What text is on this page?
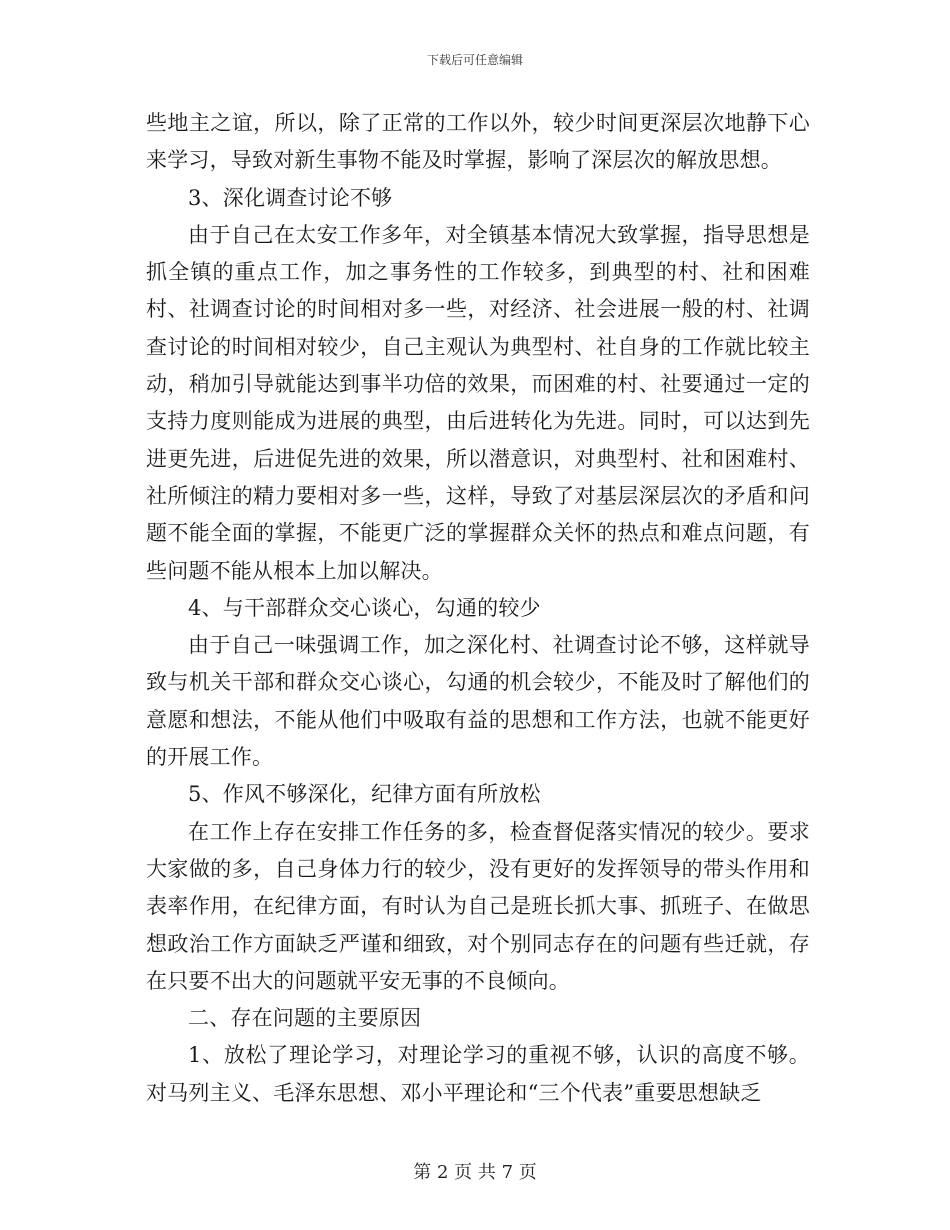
下载后可任意编辑

些地主之谊，所以，除了正常的工作以外，较少时间更深层次地静下心来学习，导致对新生事物不能及时掌握，影响了深层次的解放思想。

3、深化调查讨论不够

由于自己在太安工作多年，对全镇基本情况大致掌握，指导思想是抓全镇的重点工作，加之事务性的工作较多，到典型的村、社和困难村、社调查讨论的时间相对多一些，对经济、社会进展一般的村、社调查讨论的时间相对较少，自己主观认为典型村、社自身的工作就比较主动，稍加引导就能达到事半功倍的效果，而困难的村、社要通过一定的支持力度则能成为进展的典型，由后进转化为先进。同时，可以达到先进更先进，后进促先进的效果，所以潜意识，对典型村、社和困难村、社所倾注的精力要相对多一些，这样，导致了对基层深层次的矛盾和问题不能全面的掌握，不能更广泛的掌握群众关怀的热点和难点问题，有些问题不能从根本上加以解决。

4、与干部群众交心谈心，勾通的较少

由于自己一味强调工作，加之深化村、社调查讨论不够，这样就导致与机关干部和群众交心谈心，勾通的机会较少，不能及时了解他们的意愿和想法，不能从他们中吸取有益的思想和工作方法，也就不能更好的开展工作。

5、作风不够深化，纪律方面有所放松

在工作上存在安排工作任务的多，检查督促落实情况的较少。要求大家做的多，自己身体力行的较少，没有更好的发挥领导的带头作用和表率作用，在纪律方面，有时认为自己是班长抓大事、抓班子、在做思想政治工作方面缺乏严谨和细致，对个别同志存在的问题有些迁就，存在只要不出大的问题就平安无事的不良倾向。

二、存在问题的主要原因

1、放松了理论学习，对理论学习的重视不够，认识的高度不够。对马列主义、毛泽东思想、邓小平理论和“三个代表”重要思想缺乏

第 2 页 共 7 页
